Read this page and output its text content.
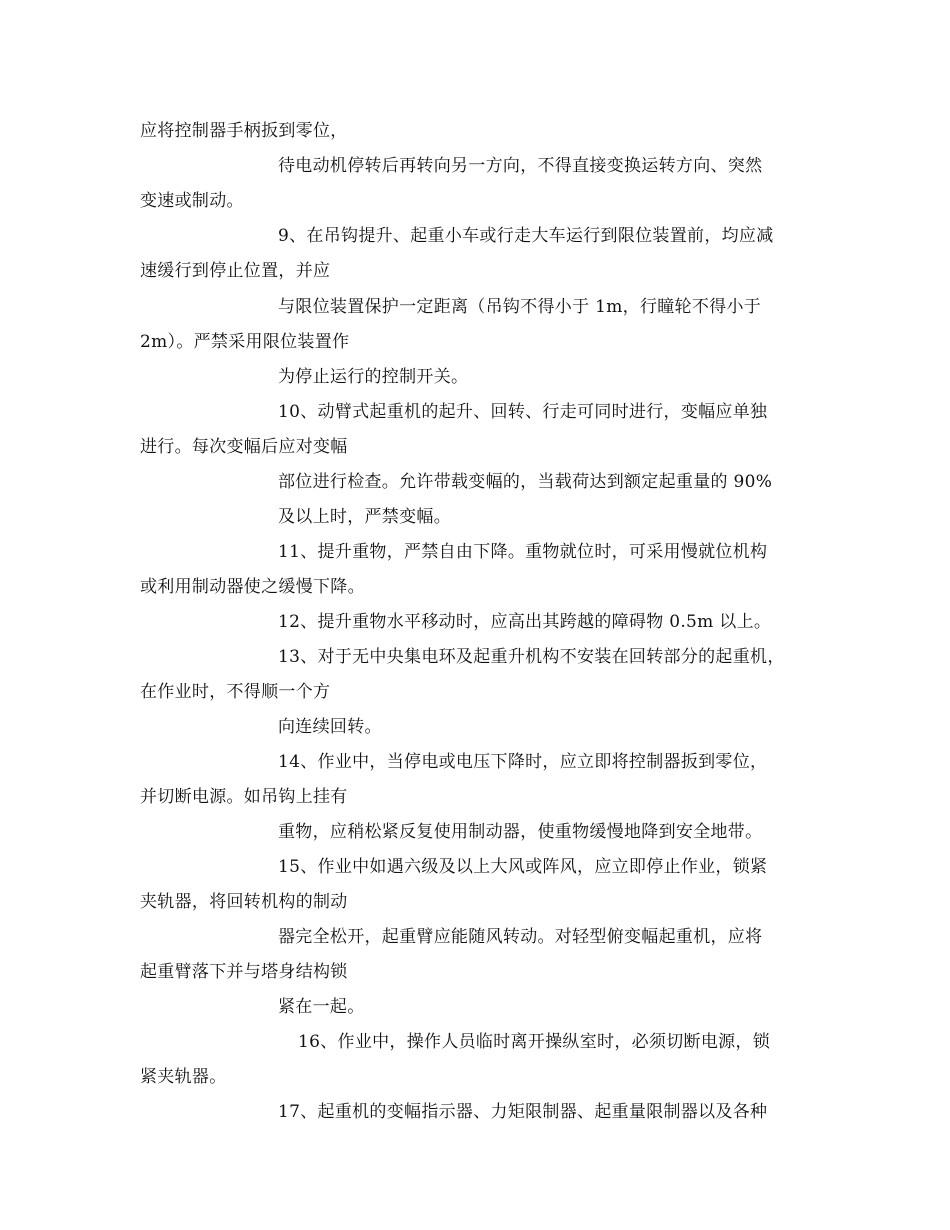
应将控制器手柄扳到零位，
待电动机停转后再转向另一方向，不得直接变换运转方向、突然
变速或制动。
9、在吊钩提升、起重小车或行走大车运行到限位装置前，均应减
速缓行到停止位置，并应
与限位装置保护一定距离（吊钩不得小于 1m，行瞳轮不得小于
2m）。严禁采用限位装置作
为停止运行的控制开关。
10、动臂式起重机的起升、回转、行走可同时进行，变幅应单独
进行。每次变幅后应对变幅
部位进行检查。允许带载变幅的，当载荷达到额定起重量的 90%
及以上时，严禁变幅。
11、提升重物，严禁自由下降。重物就位时，可采用慢就位机构
或利用制动器使之缓慢下降。
12、提升重物水平移动时，应高出其跨越的障碍物 0.5m 以上。
13、对于无中央集电环及起重升机构不安装在回转部分的起重机，
在作业时，不得顺一个方
向连续回转。
14、作业中，当停电或电压下降时，应立即将控制器扳到零位，
并切断电源。如吊钩上挂有
重物，应稍松紧反复使用制动器，使重物缓慢地降到安全地带。
15、作业中如遇六级及以上大风或阵风，应立即停止作业，锁紧
夹轨器，将回转机构的制动
器完全松开，起重臂应能随风转动。对轻型俯变幅起重机，应将
起重臂落下并与塔身结构锁
紧在一起。
16、作业中，操作人员临时离开操纵室时，必须切断电源，锁
紧夹轨器。
17、起重机的变幅指示器、力矩限制器、起重量限制器以及各种
